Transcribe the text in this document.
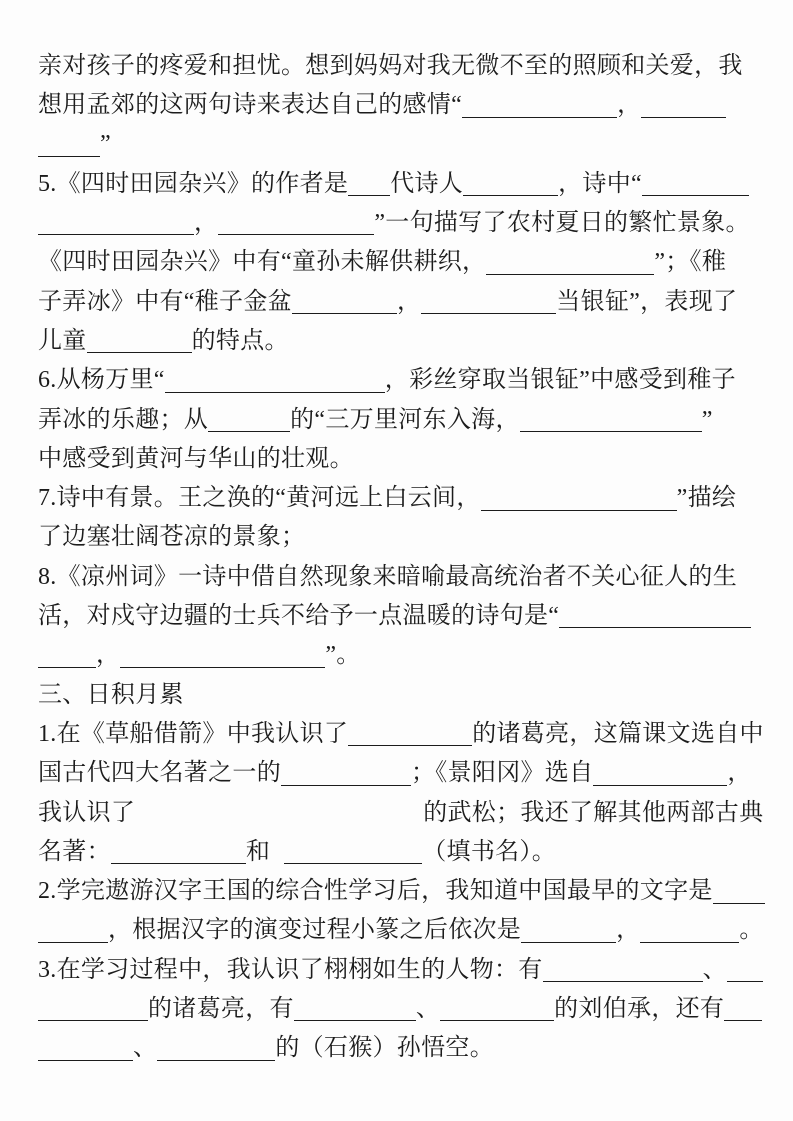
亲对孩子的疼爱和担忧。想到妈妈对我无微不至的照顾和关爱，我
想用孟郊的这两句诗来表达自己的感情“	，
”
5.《四时田园杂兴》的作者是 代诗人	，诗中“
，	”一句描写了农村夏日的繁忙景象。
《四时田园杂兴》中有“童孙未解供耕织，	”；《稚
子弄冰》中有“稚子金盆	，	当银钲”，表现了
儿童	的特点。
6.从杨万里“	，彩丝穿取当银钲”中感受到稚子
弄冰的乐趣；从	的“三万里河东入海，	”
中感受到黄河与华山的壮观。
7.诗中有景。王之涣的“黄河远上白云间，	”描绘
了边塞壮阔苍凉的景象；
8.《凉州词》一诗中借自然现象来暗喻最高统治者不关心征人的生
活，对戍守边疆的士兵不给予一点温暖的诗句是“
，	”。
三、日积月累
1.在《草船借箭》中我认识了	的诸葛亮，这篇课文选自中
国古代四大名著之一的	；《景阳冈》选自	，
我认识了	的武松；我还了解其他两部古典
名著：	和	（填书名）。
2.学完遨游汉字王国的综合性学习后，我知道中国最早的文字是
，根据汉字的演变过程小篆之后依次是	，	。
3.在学习过程中，我认识了栩栩如生的人物：有	、
的诸葛亮，有	、	的刘伯承，还有
、	的（石猴）孙悟空。
